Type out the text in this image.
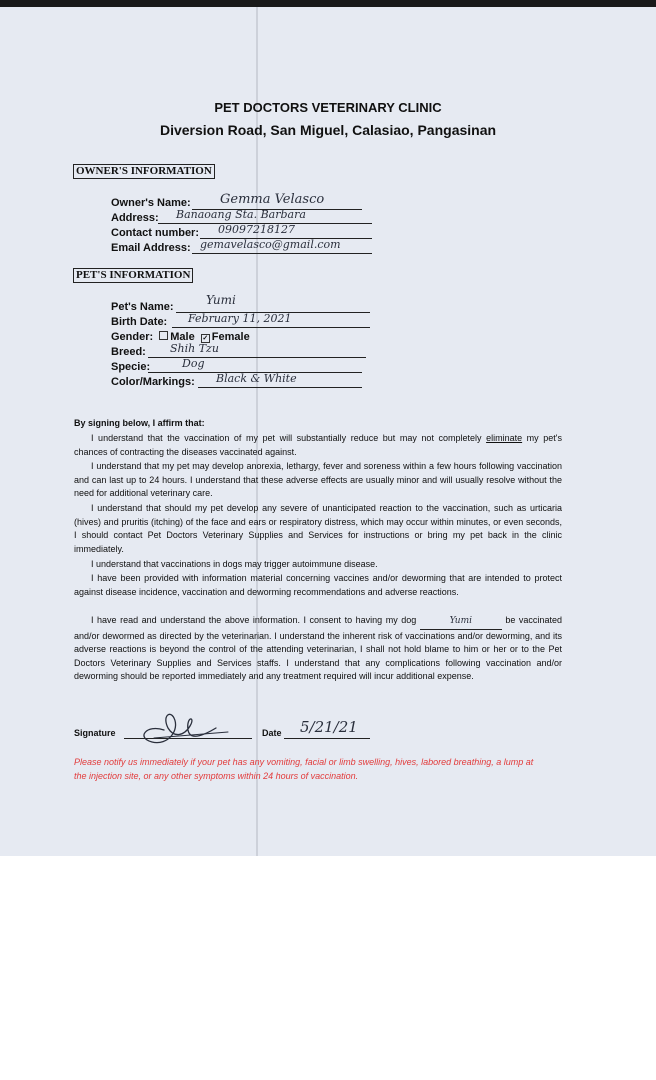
PET DOCTORS VETERINARY CLINIC
Diversion Road, San Miguel, Calasiao, Pangasinan
OWNER'S INFORMATION
Owner's Name: Gemma Velasco
Address: Banaoang Sta. Barbara
Contact number: 09097218127
Email Address: gemavelasco@gmail.com
PET'S INFORMATION
Pet's Name:	Yumi
Birth Date: February 11, 2021
Gender: Male ✓ Female
Breed: Shih Tzu
Specie:	Dog
Color/Markings: Black & White
By signing below, I affirm that:
I understand that the vaccination of my pet will substantially reduce but may not completely eliminate my pet's chances of contracting the diseases vaccinated against.
I understand that my pet may develop anorexia, lethargy, fever and soreness within a few hours following vaccination and can last up to 24 hours. I understand that these adverse effects are usually minor and will usually resolve without the need for additional veterinary care.
I understand that should my pet develop any severe of unanticipated reaction to the vaccination, such as urticaria (hives) and pruritis (itching) of the face and ears or respiratory distress, which may occur within minutes, or even seconds, I should contact Pet Doctors Veterinary Supplies and Services for instructions or bring my pet back in the clinic immediately.
I understand that vaccinations in dogs may trigger autoimmune disease.
I have been provided with information material concerning vaccines and/or deworming that are intended to protect against disease incidence, vaccination and deworming recommendations and adverse reactions.
I have read and understand the above information. I consent to having my dog	Yumi	be vaccinated and/or dewormed as directed by the veterinarian. I understand the inherent risk of vaccinations and/or deworming, and its adverse reactions is beyond the control of the attending veterinarian, I shall not hold blame to him or her or to the Pet Doctors Veterinary Supplies and Services staffs. I understand that any complications following vaccination and/or deworming should be reported immediately and any treatment required will incur additional expense.
Signature	Date 5/21/21
Please notify us immediately if your pet has any vomiting, facial or limb swelling, hives, labored breathing, a lump at the injection site, or any other symptoms within 24 hours of vaccination.
